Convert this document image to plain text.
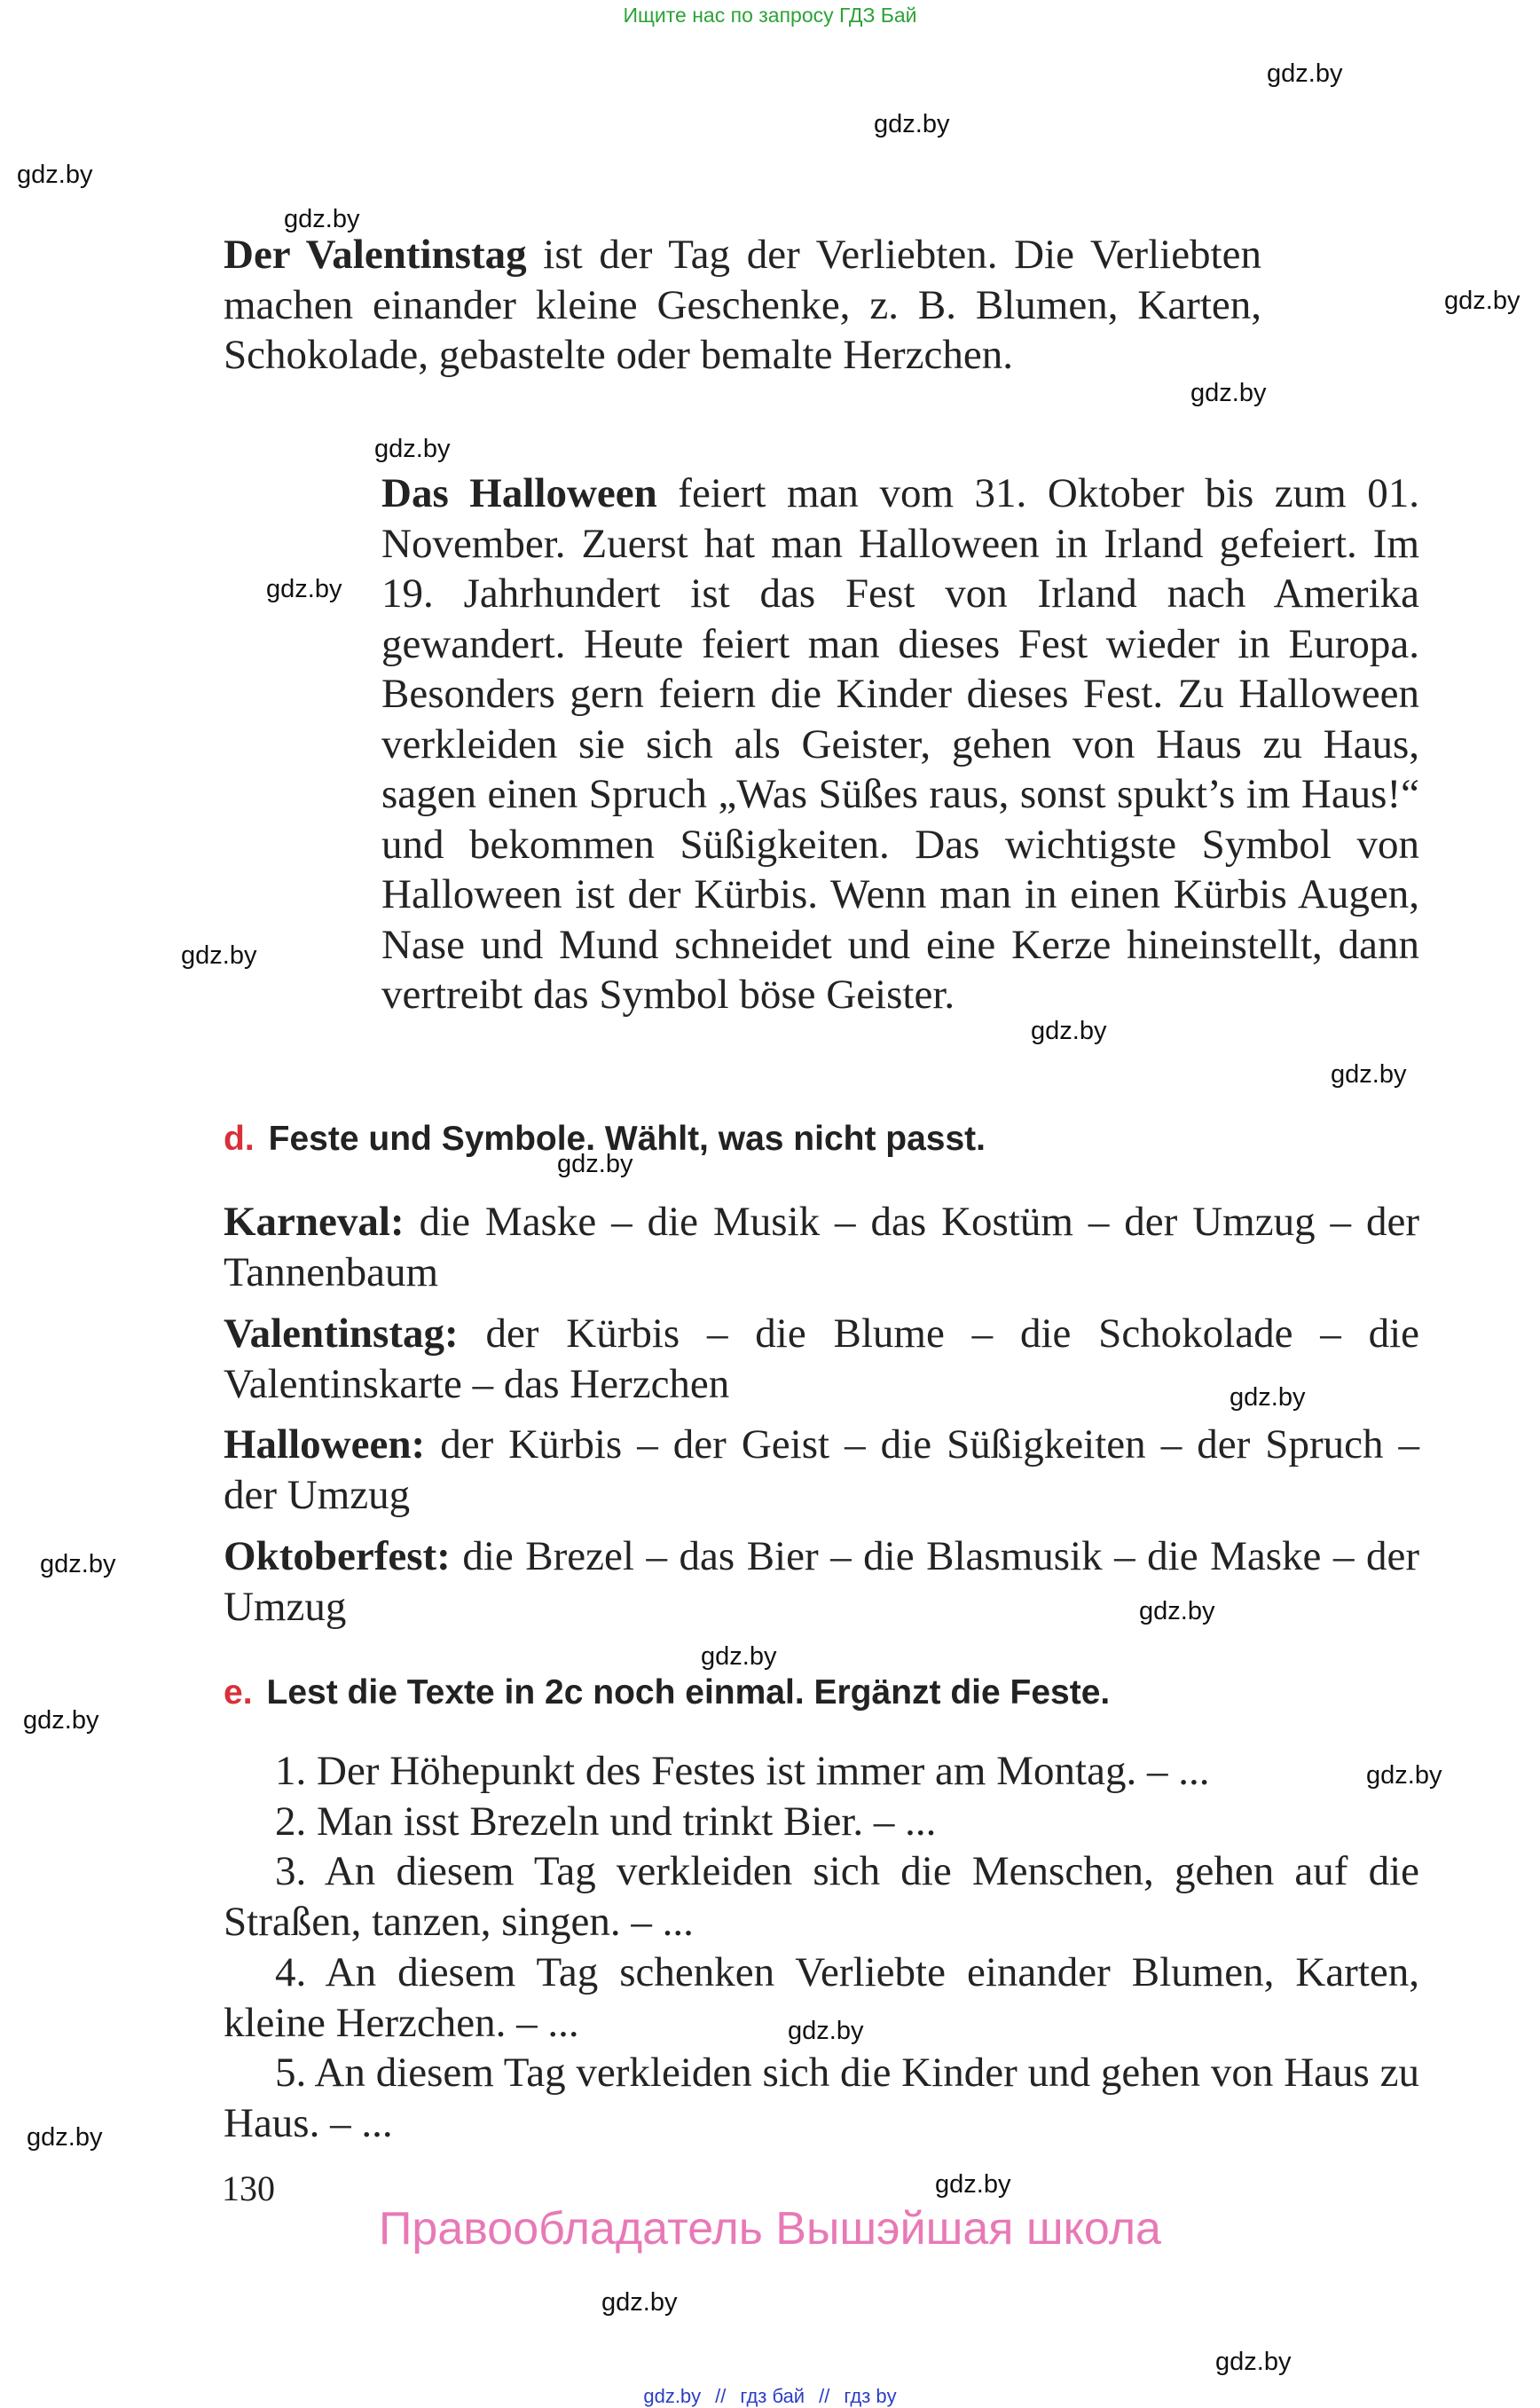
Ищите нас по запросу ГДЗ Бай
gdz.by
gdz.by
gdz.by
gdz.by
gdz.by
gdz.by
gdz.by
gdz.by
gdz.by
gdz.by
gdz.by
gdz.by
gdz.by
gdz.by
gdz.by
gdz.by
gdz.by
gdz.by
gdz.by
gdz.by
gdz.by
gdz.by
gdz.by
Der Valentinstag ist der Tag der Verliebten. Die Verliebten machen einander kleine Geschenke, z. B. Blumen, Karten, Schokolade, gebastelte oder bemalte Herzchen.
Das Halloween feiert man vom 31. Oktober bis zum 01. November. Zuerst hat man Halloween in Irland gefeiert. Im 19. Jahrhundert ist das Fest von Irland nach Amerika gewandert. Heute feiert man dieses Fest wieder in Europa. Besonders gern feiern die Kinder dieses Fest. Zu Halloween verkleiden sie sich als Geister, gehen von Haus zu Haus, sagen einen Spruch „Was Süßes raus, sonst spukt’s im Haus!“ und bekommen Süßigkeiten. Das wichtigste Symbol von Halloween ist der Kürbis. Wenn man in einen Kürbis Augen, Nase und Mund schneidet und eine Kerze hineinstellt, dann vertreibt das Symbol böse Geister.
d. Feste und Symbole. Wählt, was nicht passt.
Karneval: die Maske – die Musik – das Kostüm – der Umzug – der Tannenbaum
Valentinstag: der Kürbis – die Blume – die Schokolade – die Valentinskarte – das Herzchen
Halloween: der Kürbis – der Geist – die Süßigkeiten – der Spruch – der Umzug
Oktoberfest: die Brezel – das Bier – die Blasmusik – die Maske – der Umzug
e. Lest die Texte in 2c noch einmal. Ergänzt die Feste.
1. Der Höhepunkt des Festes ist immer am Montag. – ...
2. Man isst Brezeln und trinkt Bier. – ...
3. An diesem Tag verkleiden sich die Menschen, gehen auf die Straßen, tanzen, singen. – ...
4. An diesem Tag schenken Verliebte einander Blumen, Karten, kleine Herzchen. – ...
5. An diesem Tag verkleiden sich die Kinder und gehen von Haus zu Haus. – ...
130
Правообладатель Вышэйшая школа
gdz.by // гдз бай // гдз by
